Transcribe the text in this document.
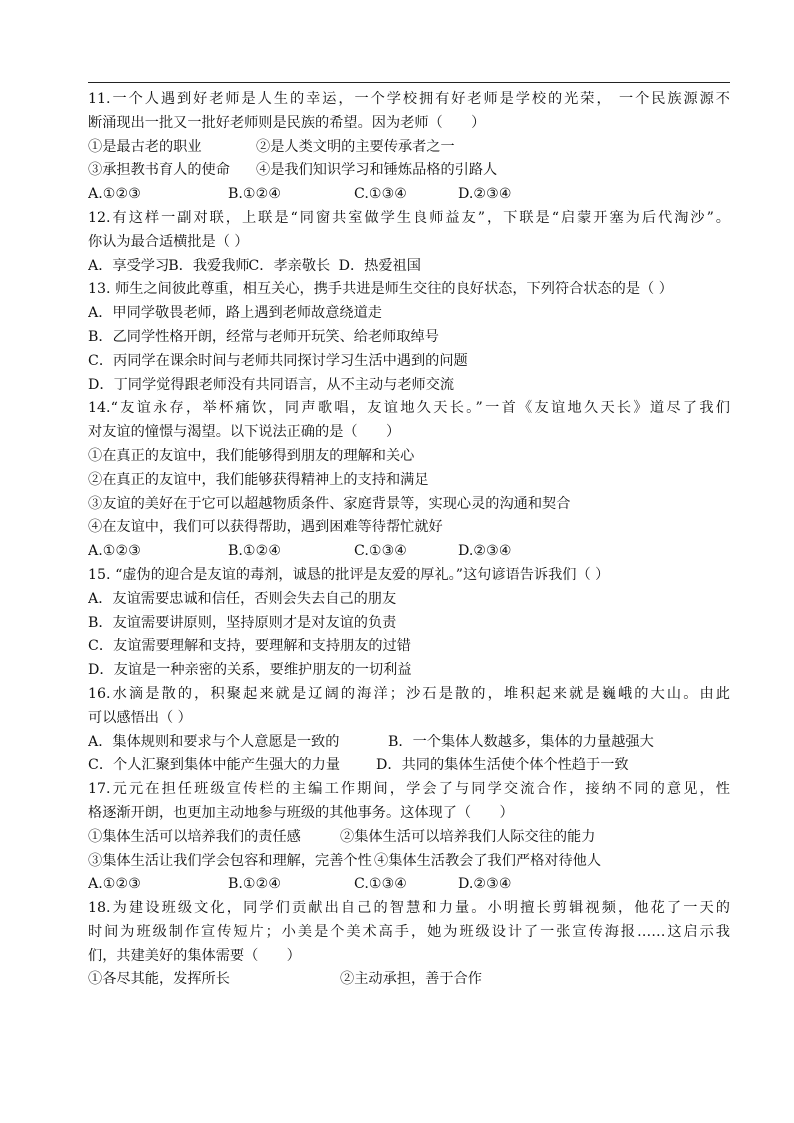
11.一个人遇到好老师是人生的幸运，一个学校拥有好老师是学校的光荣， 一个民族源源不
断涌现出一批又一批好老师则是民族的希望。因为老师（　　）
①是最古老的职业	②是人类文明的主要传承者之一
③承担教书育人的使命 ④是我们知识学习和锤炼品格的引路人
A.①②③	B.①②④	C.①③④	D.②③④
12.有这样一副对联，上联是“同窗共室做学生良师益友”，下联是“启蒙开塞为后代淘沙”。
你认为最合适横批是（ ）
A．享受学习　B．我爱我师　C．孝亲敬长　 D．热爱祖国
13. 师生之间彼此尊重，相互关心，携手共进是师生交往的良好状态，下列符合状态的是（ ）
A．甲同学敬畏老师，路上遇到老师故意绕道走
B．乙同学性格开朗，经常与老师开玩笑、给老师取绰号
C．丙同学在课余时间与老师共同探讨学习生活中遇到的问题
D．丁同学觉得跟老师没有共同语言，从不主动与老师交流
14.“友谊永存，举杯痛饮，同声歌唱，友谊地久天长。”一首《友谊地久天长》道尽了我们
对友谊的憧憬与渴望。以下说法正确的是（　　）
①在真正的友谊中，我们能够得到朋友的理解和关心
②在真正的友谊中，我们能够获得精神上的支持和满足
③友谊的美好在于它可以超越物质条件、家庭背景等，实现心灵的沟通和契合
④在友谊中，我们可以获得帮助，遇到困难等待帮忙就好
A.①②③	B.①②④	C.①③④	D.②③④
15. “虚伪的迎合是友谊的毒剂，诚恳的批评是友爱的厚礼。”这句谚语告诉我们（ ）
A．友谊需要忠诚和信任，否则会失去自己的朋友
B．友谊需要讲原则，坚持原则才是对友谊的负责
C．友谊需要理解和支持，要理解和支持朋友的过错
D．友谊是一种亲密的关系，要维护朋友的一切利益
16.水滴是散的，积聚起来就是辽阔的海洋；沙石是散的，堆积起来就是巍峨的大山。由此
可以感悟出（ ）
A．集体规则和要求与个人意愿是一致的	B．一个集体人数越多，集体的力量越强大
C．个人汇聚到集体中能产生强大的力量	D．共同的集体生活使个体个性趋于一致
17.元元在担任班级宣传栏的主编工作期间，学会了与同学交流合作，接纳不同的意见，性
格逐渐开朗，也更加主动地参与班级的其他事务。这体现了（　　）
①集体生活可以培养我们的责任感	②集体生活可以培养我们人际交往的能力
③集体生活让我们学会包容和理解，完善个性 ④集体生活教会了我们严格对待他人
A.①②③	B.①②④	C.①③④	D.②③④
18.为建设班级文化，同学们贡献出自己的智慧和力量。小明擅长剪辑视频，他花了一天的
时间为班级制作宣传短片；小美是个美术高手，她为班级设计了一张宣传海报……这启示我
们，共建美好的集体需要（　　）
①各尽其能，发挥所长	②主动承担，善于合作
